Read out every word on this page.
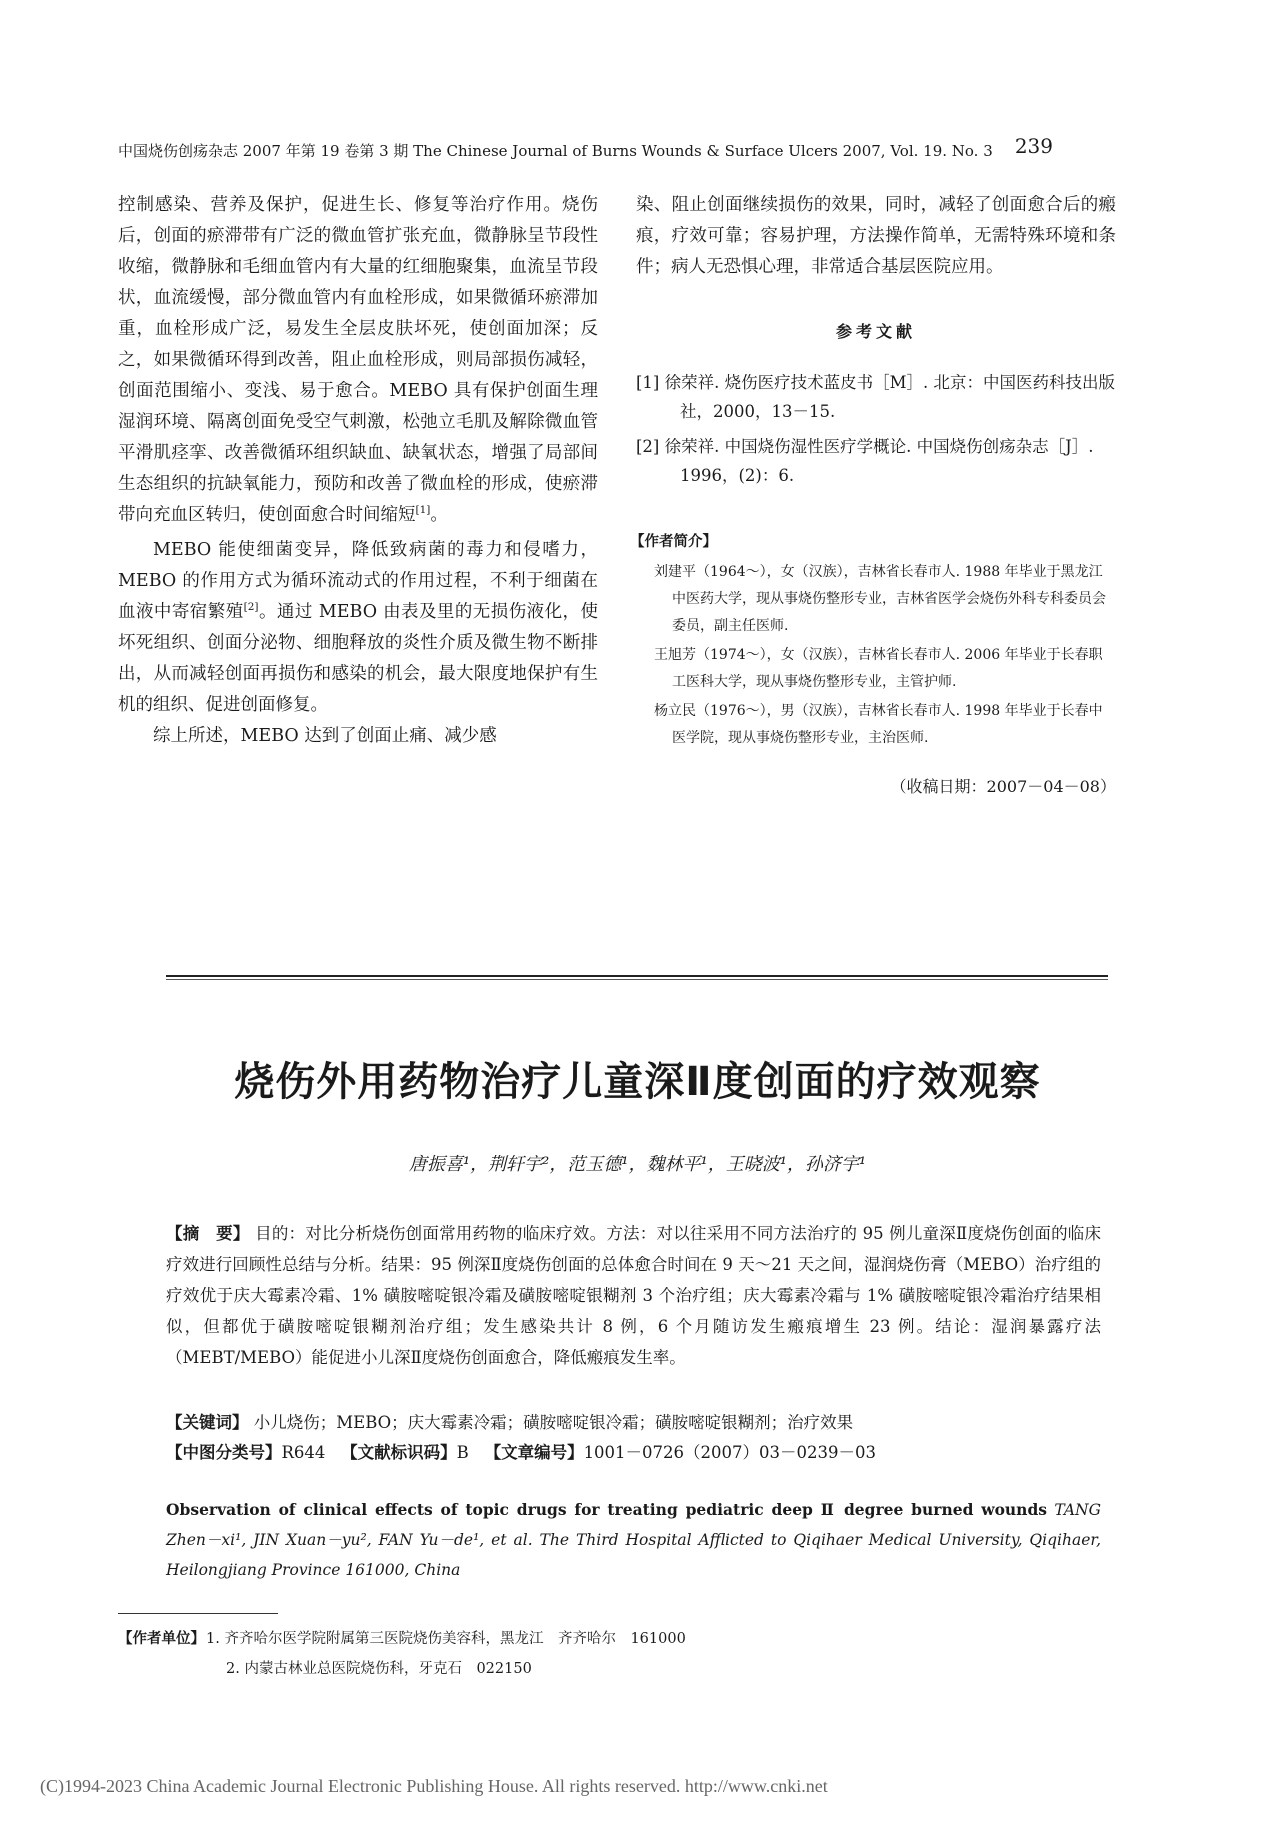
中国烧伤创疡杂志 2007 年第 19 卷第 3 期 The Chinese Journal of Burns Wounds & Surface Ulcers 2007, Vol. 19. No. 3 239

控制感染、营养及保护，促进生长、修复等治疗作用。烧伤后，创面的瘀滞带有广泛的微血管扩张充血，微静脉呈节段性收缩，微静脉和毛细血管内有大量的红细胞聚集，血流呈节段状，血流缓慢，部分微血管内有血栓形成，如果微循环瘀滞加重，血栓形成广泛，易发生全层皮肤坏死，使创面加深；反之，如果微循环得到改善，阻止血栓形成，则局部损伤减轻，创面范围缩小、变浅、易于愈合。MEBO 具有保护创面生理湿润环境、隔离创面免受空气刺激，松弛立毛肌及解除微血管平滑肌痉挛、改善微循环组织缺血、缺氧状态，增强了局部间生态组织的抗缺氧能力，预防和改善了微血栓的形成，使瘀滞带向充血区转归，使创面愈合时间缩短[1]。

MEBO 能使细菌变异，降低致病菌的毒力和侵嗜力，MEBO 的作用方式为循环流动式的作用过程，不利于细菌在血液中寄宿繁殖[2]。通过 MEBO 由表及里的无损伤液化，使坏死组织、创面分泌物、细胞释放的炎性介质及微生物不断排出，从而减轻创面再损伤和感染的机会，最大限度地保护有生机的组织、促进创面修复。

综上所述，MEBO 达到了创面止痛、减少感

染、阻止创面继续损伤的效果，同时，减轻了创面愈合后的瘢痕，疗效可靠；容易护理，方法操作简单，无需特殊环境和条件；病人无恐惧心理，非常适合基层医院应用。

参考文献
[1] 徐荣祥. 烧伤医疗技术蓝皮书［M］. 北京：中国医药科技出版社，2000，13－15.
[2] 徐荣祥. 中国烧伤湿性医疗学概论. 中国烧伤创疡杂志［J］. 1996，(2)：6.
【作者简介】
刘建平（1964～），女（汉族），吉林省长春市人. 1988 年毕业于黑龙江中医药大学，现从事烧伤整形专业，吉林省医学会烧伤外科专科委员会委员，副主任医师.
王旭芳（1974～），女（汉族），吉林省长春市人. 2006 年毕业于长春职工医科大学，现从事烧伤整形专业，主管护师.
杨立民（1976～），男（汉族），吉林省长春市人. 1998 年毕业于长春中医学院，现从事烧伤整形专业，主治医师.
（收稿日期：2007－04－08）
烧伤外用药物治疗儿童深Ⅱ度创面的疗效观察
唐振喜¹，荆轩宇²，范玉德¹，魏林平¹，王晓波¹，孙济宇¹
【摘　要】 目的：对比分析烧伤创面常用药物的临床疗效。方法：对以往采用不同方法治疗的 95 例儿童深Ⅱ度烧伤创面的临床疗效进行回顾性总结与分析。结果：95 例深Ⅱ度烧伤创面的总体愈合时间在 9 天～21 天之间，湿润烧伤膏（MEBO）治疗组的疗效优于庆大霉素冷霜、1% 磺胺嘧啶银冷霜及磺胺嘧啶银糊剂 3 个治疗组；庆大霉素冷霜与 1% 磺胺嘧啶银冷霜治疗结果相似，但都优于磺胺嘧啶银糊剂治疗组；发生感染共计 8 例，6 个月随访发生瘢痕增生 23 例。结论：湿润暴露疗法（MEBT/MEBO）能促进小儿深Ⅱ度烧伤创面愈合，降低瘢痕发生率。
【关键词】 小儿烧伤；MEBO；庆大霉素冷霜；磺胺嘧啶银冷霜；磺胺嘧啶银糊剂；治疗效果
【中图分类号】R644 【文献标识码】B 【文章编号】1001－0726（2007）03－0239－03
Observation of clinical effects of topic drugs for treating pediatric deep Ⅱ degree burned wounds TANG Zhen－xi¹, JIN Xuan－yu², FAN Yu－de¹, et al. The Third Hospital Afflicted to Qiqihaer Medical University, Qiqihaer, Heilongjiang Province 161000, China
【作者单位】1. 齐齐哈尔医学院附属第三医院烧伤美容科，黑龙江　齐齐哈尔　161000
2. 内蒙古林业总医院烧伤科，牙克石　022150
(C)1994-2023 China Academic Journal Electronic Publishing House. All rights reserved. http://www.cnki.net
